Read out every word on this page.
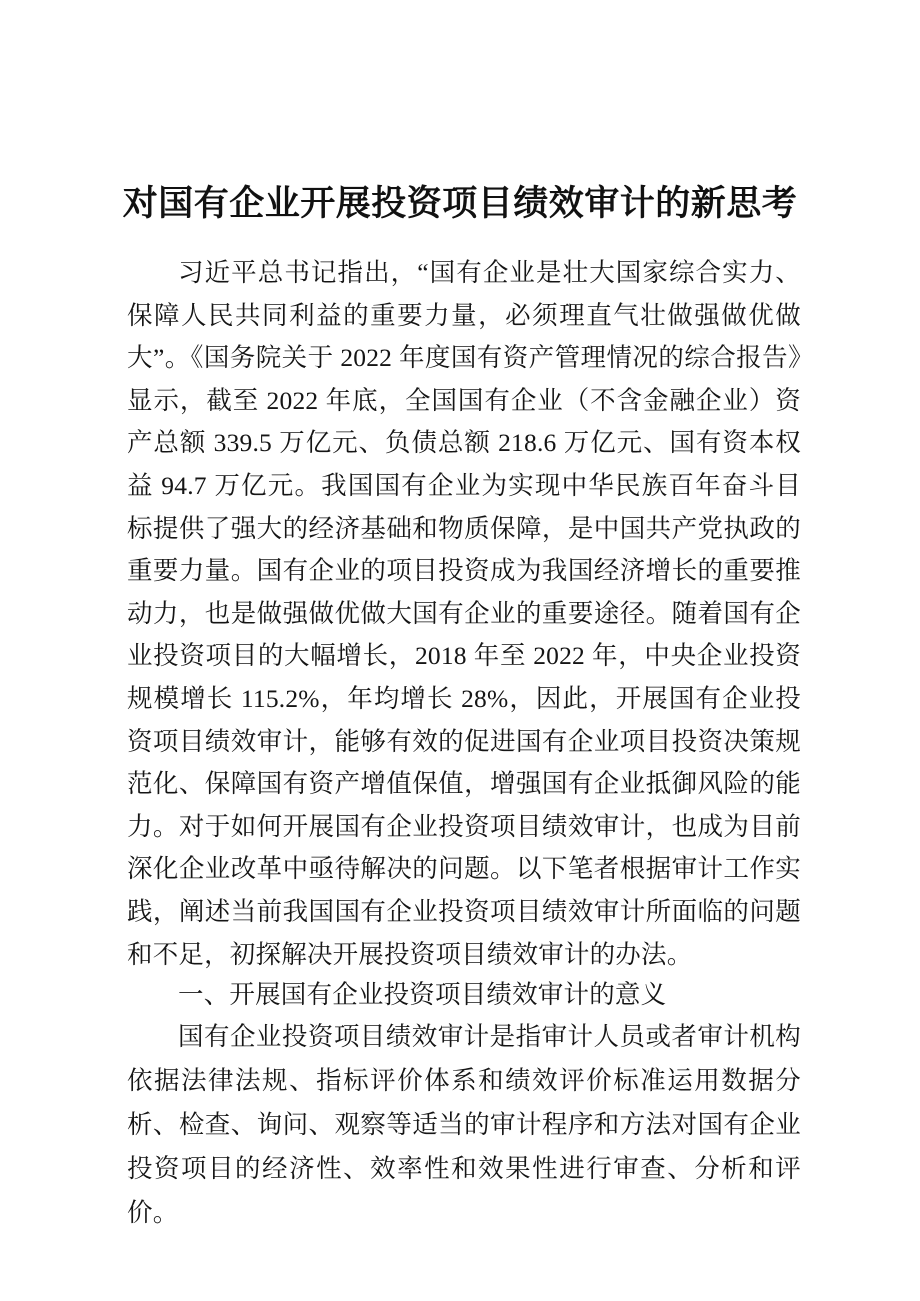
对国有企业开展投资项目绩效审计的新思考

习近平总书记指出，“国有企业是壮大国家综合实力、保障人民共同利益的重要力量，必须理直气壮做强做优做大”。《国务院关于 2022 年度国有资产管理情况的综合报告》显示，截至 2022 年底，全国国有企业（不含金融企业）资产总额 339.5 万亿元、负债总额 218.6 万亿元、国有资本权益 94.7 万亿元。我国国有企业为实现中华民族百年奋斗目标提供了强大的经济基础和物质保障，是中国共产党执政的重要力量。国有企业的项目投资成为我国经济增长的重要推动力，也是做强做优做大国有企业的重要途径。随着国有企业投资项目的大幅增长，2018 年至 2022 年，中央企业投资规模增长 115.2%，年均增长 28%，因此，开展国有企业投资项目绩效审计，能够有效的促进国有企业项目投资决策规范化、保障国有资产增值保值，增强国有企业抵御风险的能力。对于如何开展国有企业投资项目绩效审计，也成为目前深化企业改革中亟待解决的问题。以下笔者根据审计工作实践，阐述当前我国国有企业投资项目绩效审计所面临的问题和不足，初探解决开展投资项目绩效审计的办法。

一、开展国有企业投资项目绩效审计的意义

国有企业投资项目绩效审计是指审计人员或者审计机构依据法律法规、指标评价体系和绩效评价标准运用数据分析、检查、询问、观察等适当的审计程序和方法对国有企业投资项目的经济性、效率性和效果性进行审查、分析和评价。
